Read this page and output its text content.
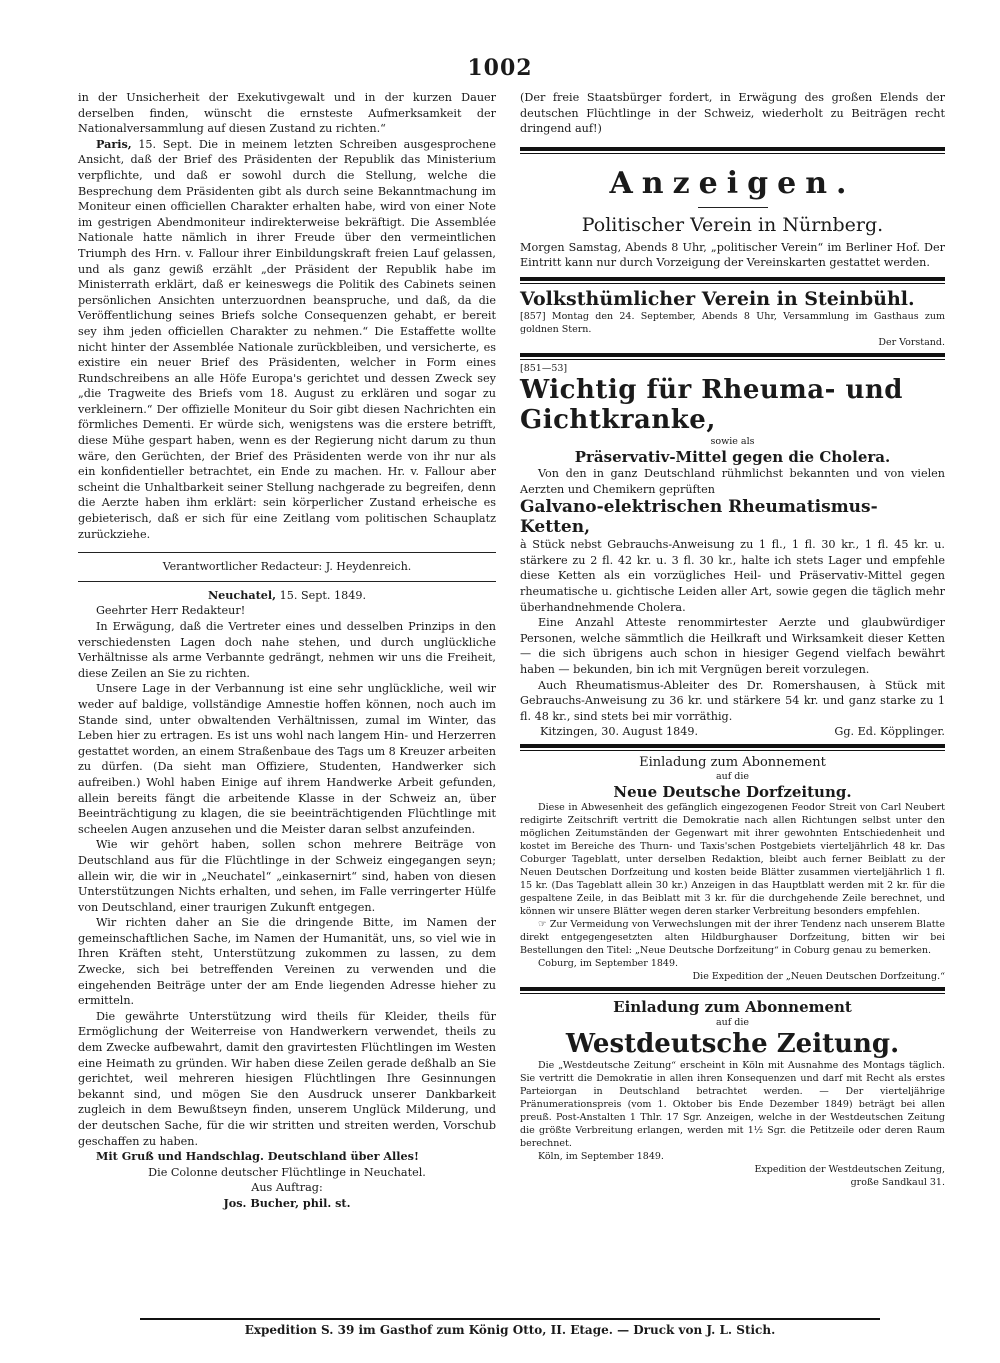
1002

in der Unsicherheit der Exekutivgewalt und in der kurzen Dauer derselben finden, wünscht die ernsteste Aufmerksamkeit der Nationalversammlung auf diesen Zustand zu richten.“

Paris, 15. Sept. Die in meinem letzten Schreiben ausgesprochene Ansicht, daß der Brief des Präsidenten der Republik das Ministerium verpflichte, und daß er sowohl durch die Stellung, welche die Besprechung dem Präsidenten gibt als durch seine Bekanntmachung im Moniteur einen officiellen Charakter erhalten habe, wird von einer Note im gestrigen Abendmoniteur indirekterweise bekräftigt. Die Assemblée Nationale hatte nämlich in ihrer Freude über den vermeintlichen Triumph des Hrn. v. Fallour ihrer Einbildungskraft freien Lauf gelassen, und als ganz gewiß erzählt „der Präsident der Republik habe im Ministerrath erklärt, daß er keineswegs die Politik des Cabinets seinen persönlichen Ansichten unterzuordnen beanspruche, und daß, da die Veröffentlichung seines Briefs solche Consequenzen gehabt, er bereit sey ihm jeden officiellen Charakter zu nehmen.“ Die Estaffette wollte nicht hinter der Assemblée Nationale zurückbleiben, und versicherte, es existire ein neuer Brief des Präsidenten, welcher in Form eines Rundschreibens an alle Höfe Europa's gerichtet und dessen Zweck sey „die Tragweite des Briefs vom 18. August zu erklären und sogar zu verkleinern.“ Der offizielle Moniteur du Soir gibt diesen Nachrichten ein förmliches Dementi. Er würde sich, wenigstens was die erstere betrifft, diese Mühe gespart haben, wenn es der Regierung nicht darum zu thun wäre, den Gerüchten, der Brief des Präsidenten werde von ihr nur als ein konfidentieller betrachtet, ein Ende zu machen. Hr. v. Fallour aber scheint die Unhaltbarkeit seiner Stellung nachgerade zu begreifen, denn die Aerzte haben ihm erklärt: sein körperlicher Zustand erheische es gebieterisch, daß er sich für eine Zeitlang vom politischen Schauplatz zurückziehe.

Verantwortlicher Redacteur: J. Heydenreich.

Neuchatel, 15. Sept. 1849.

Geehrter Herr Redakteur!

In Erwägung, daß die Vertreter eines und desselben Prinzips in den verschiedensten Lagen doch nahe stehen, und durch unglückliche Verhältnisse als arme Verbannte gedrängt, nehmen wir uns die Freiheit, diese Zeilen an Sie zu richten.

Unsere Lage in der Verbannung ist eine sehr unglückliche, weil wir weder auf baldige, vollständige Amnestie hoffen können, noch auch im Stande sind, unter obwaltenden Verhältnissen, zumal im Winter, das Leben hier zu ertragen. Es ist uns wohl nach langem Hin- und Herzerren gestattet worden, an einem Straßenbaue des Tags um 8 Kreuzer arbeiten zu dürfen. (Da sieht man Offiziere, Studenten, Handwerker sich aufreiben.) Wohl haben Einige auf ihrem Handwerke Arbeit gefunden, allein bereits fängt die arbeitende Klasse in der Schweiz an, über Beeinträchtigung zu klagen, die sie beeinträchtigenden Flüchtlinge mit scheelen Augen anzusehen und die Meister daran selbst anzufeinden.

Wie wir gehört haben, sollen schon mehrere Beiträge von Deutschland aus für die Flüchtlinge in der Schweiz eingegangen seyn; allein wir, die wir in „Neuchatel“ „einkasernirt“ sind, haben von diesen Unterstützungen Nichts erhalten, und sehen, im Falle verringerter Hülfe von Deutschland, einer traurigen Zukunft entgegen.

Wir richten daher an Sie die dringende Bitte, im Namen der gemeinschaftlichen Sache, im Namen der Humanität, uns, so viel wie in Ihren Kräften steht, Unterstützung zukommen zu lassen, zu dem Zwecke, sich bei betreffenden Vereinen zu verwenden und die eingehenden Beiträge unter der am Ende liegenden Adresse hieher zu ermitteln.

Die gewährte Unterstützung wird theils für Kleider, theils für Ermöglichung der Weiterreise von Handwerkern verwendet, theils zu dem Zwecke aufbewahrt, damit den gravirtesten Flüchtlingen im Westen eine Heimath zu gründen. Wir haben diese Zeilen gerade deßhalb an Sie gerichtet, weil mehreren hiesigen Flüchtlingen Ihre Gesinnungen bekannt sind, und mögen Sie den Ausdruck unserer Dankbarkeit zugleich in dem Bewußtseyn finden, unserem Unglück Milderung, und der deutschen Sache, für die wir stritten und streiten werden, Vorschub geschaffen zu haben.

Mit Gruß und Handschlag. Deutschland über Alles!

Die Colonne deutscher Flüchtlinge in Neuchatel.

Aus Auftrag:

Jos. Bucher, phil. st.

(Der freie Staatsbürger fordert, in Erwägung des großen Elends der deutschen Flüchtlinge in der Schweiz, wiederholt zu Beiträgen recht dringend auf!)

Anzeigen.
Politischer Verein in Nürnberg.

Morgen Samstag, Abends 8 Uhr, „politischer Verein“ im Berliner Hof. Der Eintritt kann nur durch Vorzeigung der Vereinskarten gestattet werden.

Volksthümlicher Verein in Steinbühl.

[857] Montag den 24. September, Abends 8 Uhr, Versammlung im Gasthaus zum goldnen Stern.

Der Vorstand.

[851—53]

Wichtig für Rheuma- und Gichtkranke,

sowie als

Präservativ-Mittel gegen die Cholera.

Von den in ganz Deutschland rühmlichst bekannten und von vielen Aerzten und Chemikern geprüften

Galvano-elektrischen Rheumatismus-Ketten,

à Stück nebst Gebrauchs-Anweisung zu 1 fl., 1 fl. 30 kr., 1 fl. 45 kr. u. stärkere zu 2 fl. 42 kr. u. 3 fl. 30 kr., halte ich stets Lager und empfehle diese Ketten als ein vorzügliches Heil- und Präservativ-Mittel gegen rheumatische u. gichtische Leiden aller Art, sowie gegen die täglich mehr überhandnehmende Cholera.

Eine Anzahl Atteste renommirtester Aerzte und glaubwürdiger Personen, welche sämmtlich die Heilkraft und Wirksamkeit dieser Ketten — die sich übrigens auch schon in hiesiger Gegend vielfach bewährt haben — bekunden, bin ich mit Vergnügen bereit vorzulegen.

Auch Rheumatismus-Ableiter des Dr. Romershausen, à Stück mit Gebrauchs-Anweisung zu 36 kr. und stärkere 54 kr. und ganz starke zu 1 fl. 48 kr., sind stets bei mir vorräthig.

Kitzingen, 30. August 1849.	Gg. Ed. Köpplinger.

Einladung zum Abonnement

auf die

Neue Deutsche Dorfzeitung.

Diese in Abwesenheit des gefänglich eingezogenen Feodor Streit von Carl Neubert redigirte Zeitschrift vertritt die Demokratie nach allen Richtungen selbst unter den möglichen Zeitumständen der Gegenwart mit ihrer gewohnten Entschiedenheit und kostet im Bereiche des Thurn- und Taxis'schen Postgebiets vierteljährlich 48 kr. Das Coburger Tageblatt, unter derselben Redaktion, bleibt auch ferner Beiblatt zu der Neuen Deutschen Dorfzeitung und kosten beide Blätter zusammen vierteljährlich 1 fl. 15 kr. (Das Tageblatt allein 30 kr.) Anzeigen in das Hauptblatt werden mit 2 kr. für die gespaltene Zeile, in das Beiblatt mit 3 kr. für die durchgehende Zeile berechnet, und können wir unsere Blätter wegen deren starker Verbreitung besonders empfehlen.

☞ Zur Vermeidung von Verwechslungen mit der ihrer Tendenz nach unserem Blatte direkt entgegengesetzten alten Hildburghauser Dorfzeitung, bitten wir bei Bestellungen den Titel: „Neue Deutsche Dorfzeitung“ in Coburg genau zu bemerken.

Coburg, im September 1849.

Die Expedition der „Neuen Deutschen Dorfzeitung.“

Einladung zum Abonnement

auf die

Westdeutsche Zeitung.

Die „Westdeutsche Zeitung“ erscheint in Köln mit Ausnahme des Montags täglich. Sie vertritt die Demokratie in allen ihren Konsequenzen und darf mit Recht als erstes Parteiorgan in Deutschland betrachtet werden. — Der vierteljährige Pränumerationspreis (vom 1. Oktober bis Ende Dezember 1849) beträgt bei allen preuß. Post-Anstalten 1 Thlr. 17 Sgr. Anzeigen, welche in der Westdeutschen Zeitung die größte Verbreitung erlangen, werden mit 1½ Sgr. die Petitzeile oder deren Raum berechnet.

Köln, im September 1849.

Expedition der Westdeutschen Zeitung,

große Sandkaul 31.

Expedition S. 39 im Gasthof zum König Otto, II. Etage. — Druck von J. L. Stich.
